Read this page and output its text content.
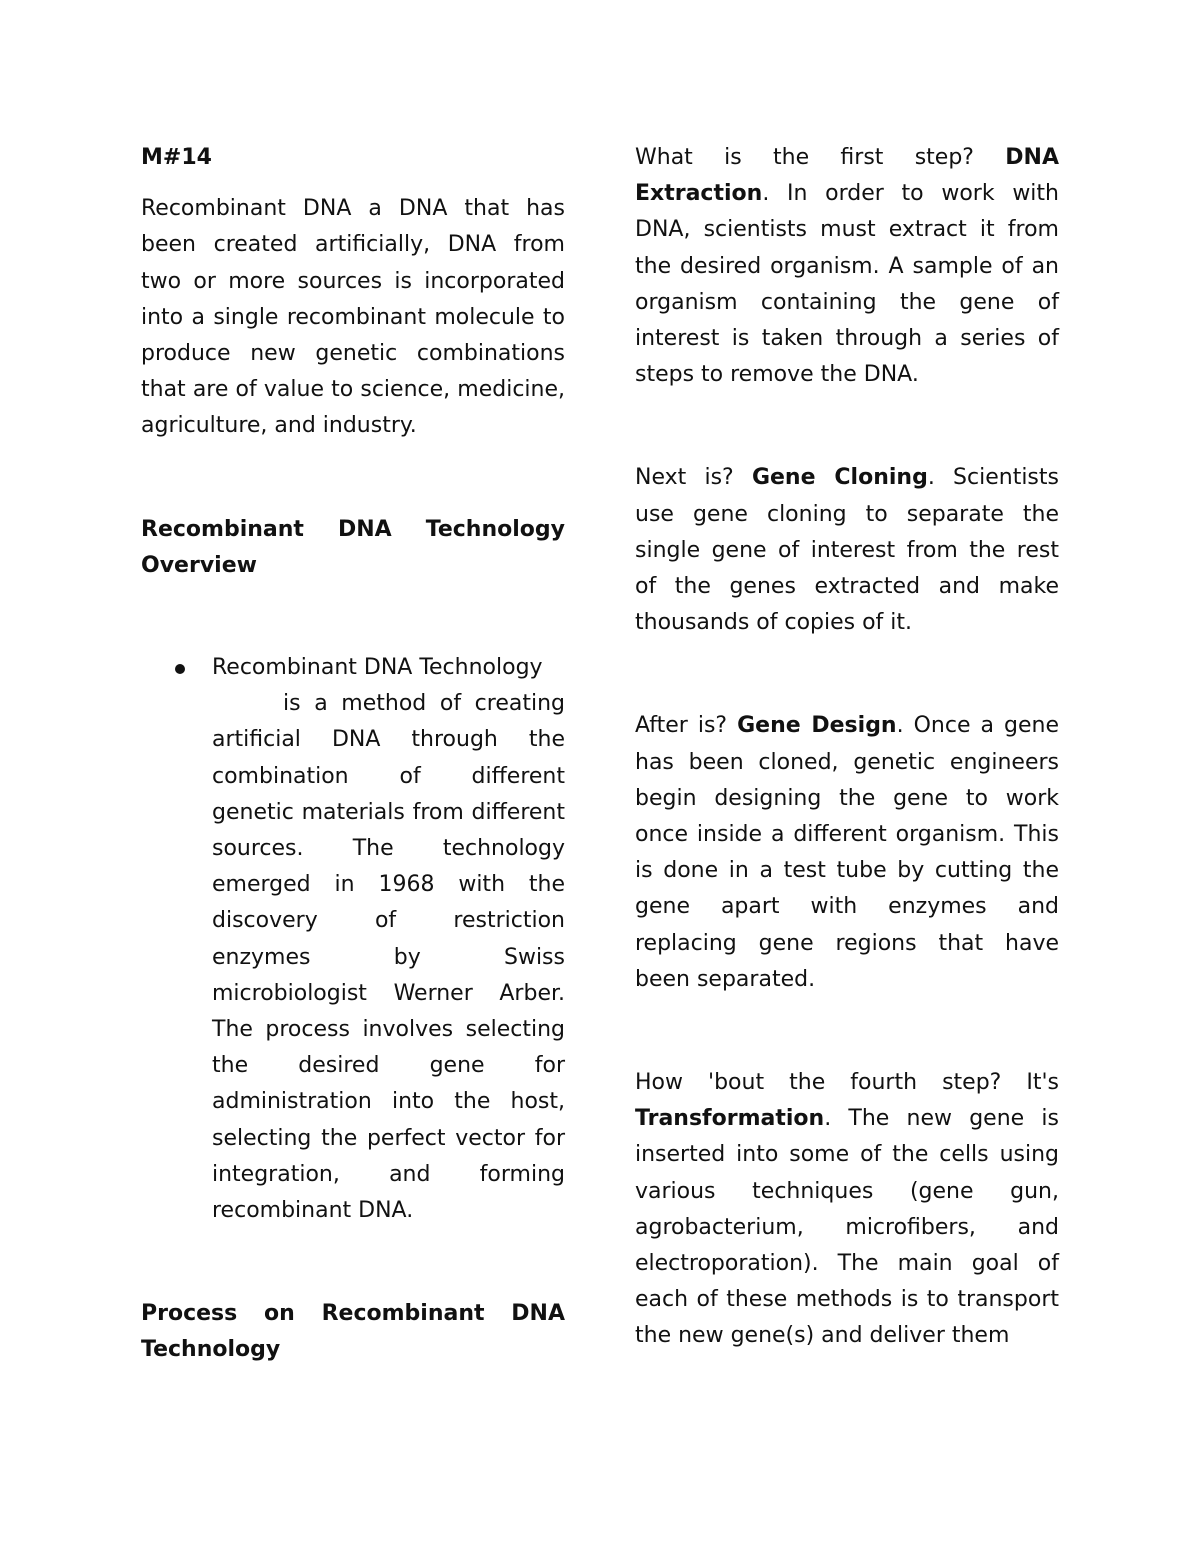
M#14

Recombinant DNA a DNA that has been created artificially, DNA from two or more sources is incorporated into a single recombinant molecule to produce new genetic combinations that are of value to science, medicine, agriculture, and industry.

Recombinant DNA Technology Overview

Recombinant DNA Technology
is a method of creating
artificial DNA through the combination of different genetic materials from different sources. The technology emerged in 1968 with the discovery of restriction enzymes by Swiss microbiologist Werner Arber. The process involves selecting the desired gene for administration into the host, selecting the perfect vector for integration, and forming recombinant DNA.

Process on Recombinant DNA Technology

What is the first step? DNA Extraction. In order to work with DNA, scientists must extract it from the desired organism. A sample of an organism containing the gene of interest is taken through a series of steps to remove the DNA.

Next is? Gene Cloning. Scientists use gene cloning to separate the single gene of interest from the rest of the genes extracted and make thousands of copies of it.

After is? Gene Design. Once a gene has been cloned, genetic engineers begin designing the gene to work once inside a different organism. This is done in a test tube by cutting the gene apart with enzymes and replacing gene regions that have been separated.

How 'bout the fourth step? It's Transformation. The new gene is inserted into some of the cells using various techniques (gene gun, agrobacterium, microfibers, and electroporation). The main goal of each of these methods is to transport the new gene(s) and deliver them
